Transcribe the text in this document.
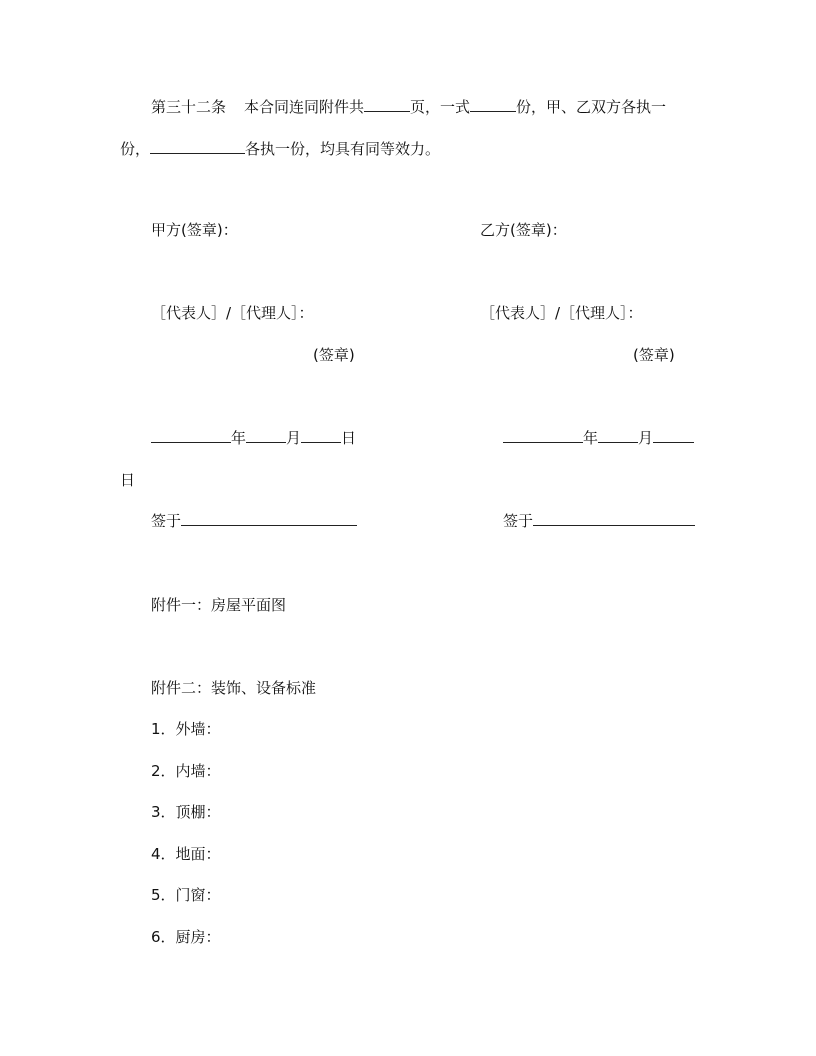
第三十二条 本合同连同附件共	页，一式	份，甲、乙双方各执一
份，	各执一份，均具有同等效力。
甲方(签章)：	乙方(签章)：
［代表人］/［代理人］：	［代表人］/［代理人］：
(签章)	(签章)
年	月	日	年	月
日
签于	签于
附件一：房屋平面图
附件二：装饰、设备标准
1．外墙：
2．内墙：
3．顶棚：
4．地面：
5．门窗：
6．厨房：
